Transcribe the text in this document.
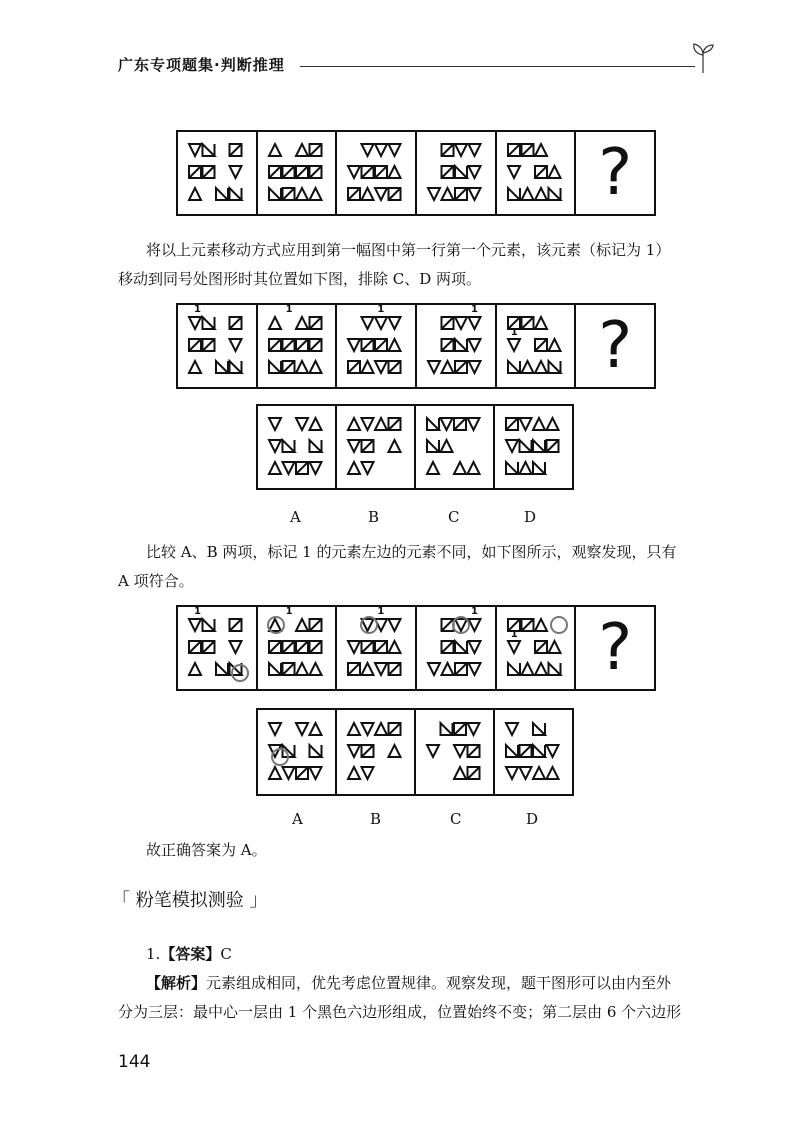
广东专项题集·判断推理
?
将以上元素移动方式应用到第一幅图中第一行第一个元素，该元素（标记为 1）
移动到同号处图形时其位置如下图，排除 C、D 两项。
1	1	1	1
1 ?
A	B	C	D
比较 A、B 两项，标记 1 的元素左边的元素不同，如下图所示，观察发现，只有
A 项符合。
1	1	1	1
1 ?
A	B	C	D
故正确答案为 A。
「 粉笔模拟测验 」
1.【答案】C
【解析】元素组成相同，优先考虑位置规律。观察发现，题干图形可以由内至外
分为三层：最中心一层由 1 个黑色六边形组成，位置始终不变；第二层由 6 个六边形
144
